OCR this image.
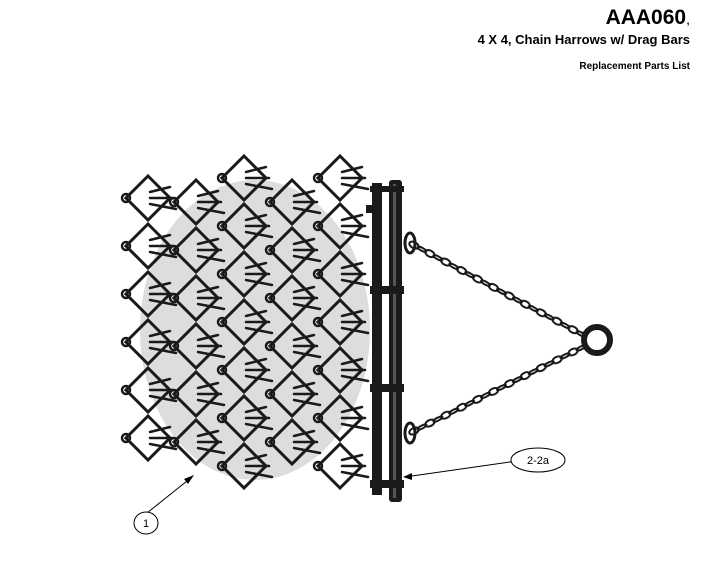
AAA060,
4 X 4, Chain Harrows w/ Drag Bars
Replacement Parts List
2-2a
1
